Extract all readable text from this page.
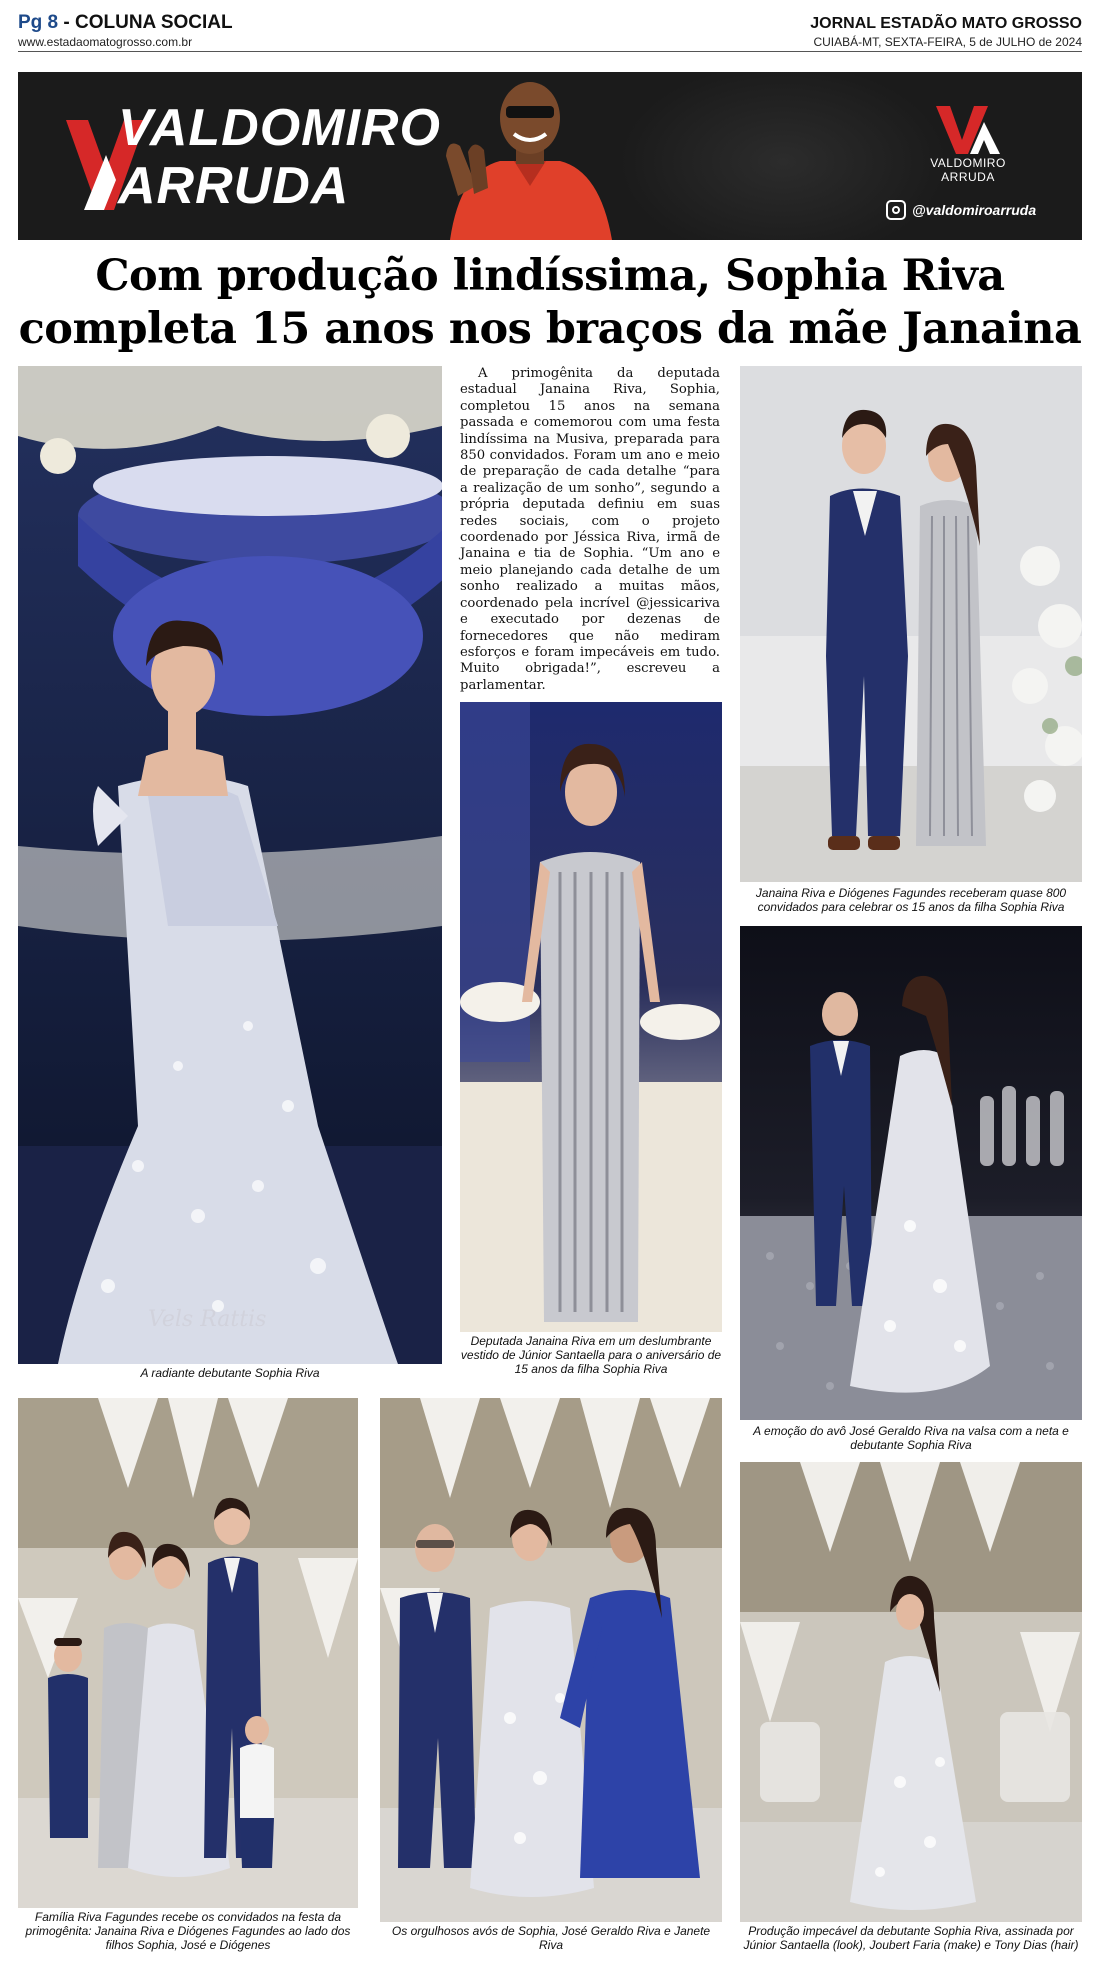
Pg 8 - COLUNA SOCIAL
www.estadaomatogrosso.com.br
JORNAL ESTADÃO MATO GROSSO
CUIABÁ-MT, SEXTA-FEIRA, 5 de JULHO de 2024
VALDOMIRO
ARRUDA	VALDOMIRO
ARRUDA
@valdomiroarruda
Com produção lindíssima, Sophia Riva completa 15 anos nos braços da mãe Janaina
Vels Rattis
A radiante debutante Sophia Riva

A primogênita da deputada estadual Janaina Riva, Sophia, completou 15 anos na semana passada e comemorou com uma festa lindíssima na Musiva, preparada para 850 convidados. Foram um ano e meio de preparação de cada detalhe “para a realização de um sonho”, segundo a própria deputada definiu em suas redes sociais, com o projeto coordenado por Jéssica Riva, irmã de Janaina e tia de Sophia. “Um ano e meio planejando cada detalhe de um sonho realizado a muitas mãos, coordenado pela incrível @jessicariva e executado por dezenas de fornecedores que não mediram esforços e foram impecáveis em tudo. Muito obrigada!”, escreveu a parlamentar.

Deputada Janaina Riva em um deslumbrante vestido de Júnior Santaella para o aniversário de 15 anos da filha Sophia Riva
Janaina Riva e Diógenes Fagundes receberam quase 800 convidados para celebrar os 15 anos da filha Sophia Riva
A emoção do avô José Geraldo Riva na valsa com a neta e debutante Sophia Riva
Família Riva Fagundes recebe os convidados na festa da primogênita: Janaina Riva e Diógenes Fagundes ao lado dos filhos Sophia, José e Diógenes
Os orgulhosos avós de Sophia, José Geraldo Riva e Janete Riva
Produção impecável da debutante Sophia Riva, assinada por Júnior Santaella (look), Joubert Faria (make) e Tony Dias (hair)
